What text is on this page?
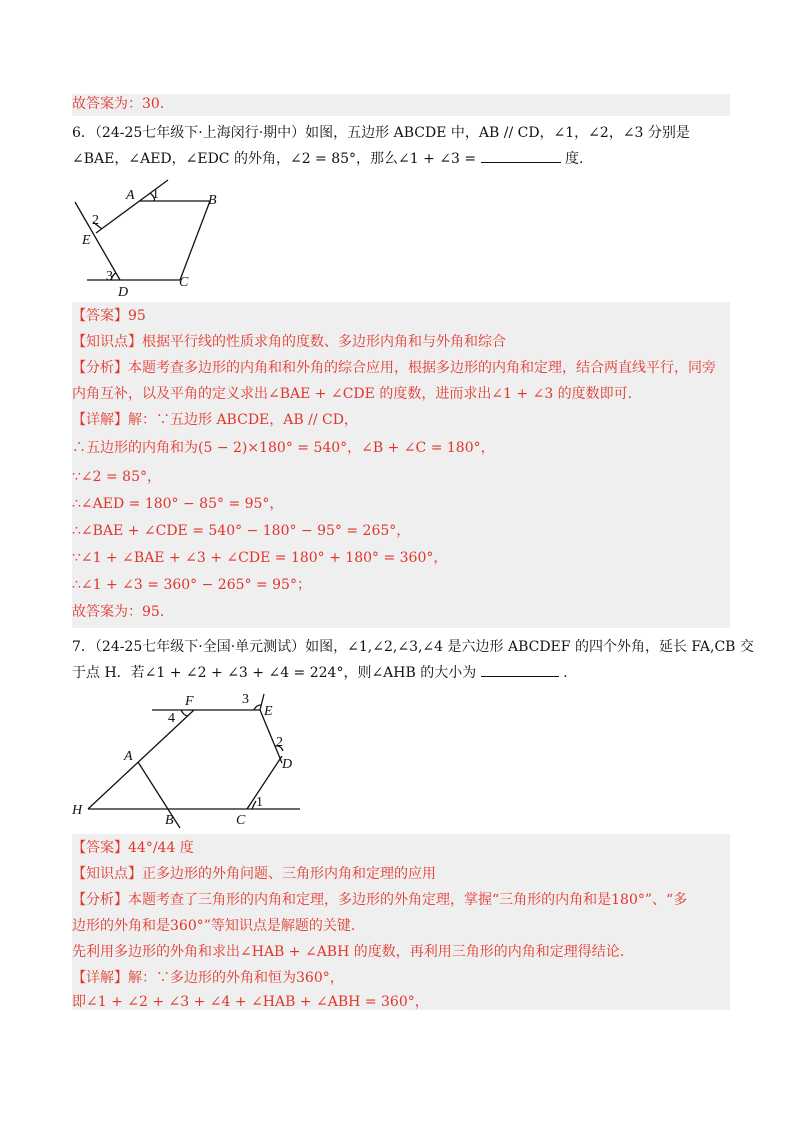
故答案为：30．
6．（24-25七年级下·上海闵行·期中）如图，五边形 ABCDE 中，AB // CD，∠1，∠2，∠3 分别是
∠BAE，∠AED，∠EDC 的外角，∠2 = 85°，那么∠1 + ∠3 =	度.
A 1	B
2
E
3
D
C
【答案】95
【知识点】根据平行线的性质求角的度数、多边形内角和与外角和综合
【分析】本题考查多边形的内角和和外角的综合应用，根据多边形的内角和定理，结合两直线平行，同旁
内角互补，以及平角的定义求出∠BAE + ∠CDE 的度数，进而求出∠1 + ∠3 的度数即可.
【详解】解：∵五边形 ABCDE，AB // CD，
∴五边形的内角和为(5 − 2)×180° = 540°，∠B + ∠C = 180°，
∵∠2 = 85°，
∴∠AED = 180° − 85° = 95°，
∴∠BAE + ∠CDE = 540° − 180° − 95° = 265°，
∵∠1 + ∠BAE + ∠3 + ∠CDE = 180° + 180° = 360°，
∴∠1 + ∠3 = 360° − 265° = 95°；
故答案为：95．
7．（24-25七年级下·全国·单元测试）如图，∠1,∠2,∠3,∠4 是六边形 ABCDEF 的四个外角，延长 FA,CB 交
于点 H．若∠1 + ∠2 + ∠3 + ∠4 = 224°，则∠AHB 的大小为	.
F
4
3
E
2
D
A
H
B	C
1
【答案】44°/44 度
【知识点】正多边形的外角问题、三角形内角和定理的应用
【分析】本题考查了三角形的内角和定理，多边形的外角定理，掌握“三角形的内角和是180°”、“多
边形的外角和是360°”等知识点是解题的关键.
先利用多边形的外角和求出∠HAB + ∠ABH 的度数，再利用三角形的内角和定理得结论.
【详解】解：∵多边形的外角和恒为360°，
即∠1 + ∠2 + ∠3 + ∠4 + ∠HAB + ∠ABH = 360°，
